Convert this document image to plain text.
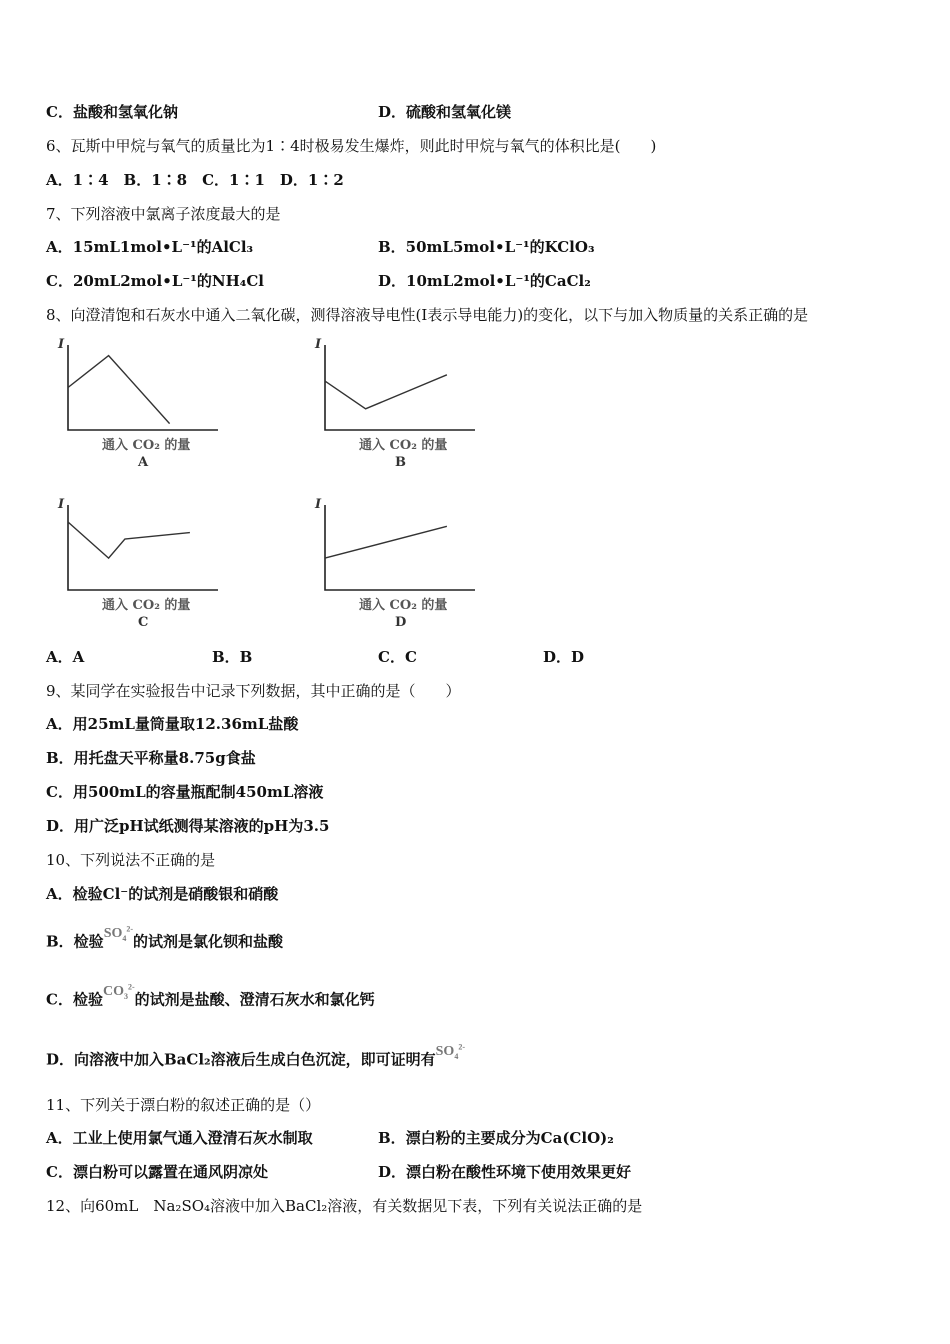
C．盐酸和氢氧化钠	D．硫酸和氢氧化镁
6、瓦斯中甲烷与氧气的质量比为1∶4时极易发生爆炸，则此时甲烷与氧气的体积比是(　　)
A．1∶4　B．1∶8　C．1∶1　D．1∶2
7、下列溶液中氯离子浓度最大的是
A．15mL1mol•L⁻¹的AlCl₃	B．50mL5mol•L⁻¹的KClO₃
C．20mL2mol•L⁻¹的NH₄Cl	D．10mL2mol•L⁻¹的CaCl₂
8、向澄清饱和石灰水中通入二氧化碳，测得溶液导电性(I表示导电能力)的变化，以下与加入物质量的关系正确的是
I
通入 CO₂ 的量
A
I
通入 CO₂ 的量
B
I
通入 CO₂ 的量
C
I
通入 CO₂ 的量
D
A．A	B．B	C．C	D．D
9、某同学在实验报告中记录下列数据，其中正确的是（　　）
A．用25mL量筒量取12.36mL盐酸
B．用托盘天平称量8.75g食盐
C．用500mL的容量瓶配制450mL溶液
D．用广泛pH试纸测得某溶液的pH为3.5
10、下列说法不正确的是
A．检验Cl⁻的试剂是硝酸银和硝酸
B．检验$SO_4^{2-}$的试剂是氯化钡和盐酸
C．检验$CO_3^{2-}$的试剂是盐酸、澄清石灰水和氯化钙
D．向溶液中加入BaCl₂溶液后生成白色沉淀，即可证明有$SO_4^{2-}$
11、下列关于漂白粉的叙述正确的是（）
A．工业上使用氯气通入澄清石灰水制取	B．漂白粉的主要成分为Ca(ClO)₂
C．漂白粉可以露置在通风阴凉处	D．漂白粉在酸性环境下使用效果更好
12、向60mL　Na₂SO₄溶液中加入BaCl₂溶液，有关数据见下表，下列有关说法正确的是
